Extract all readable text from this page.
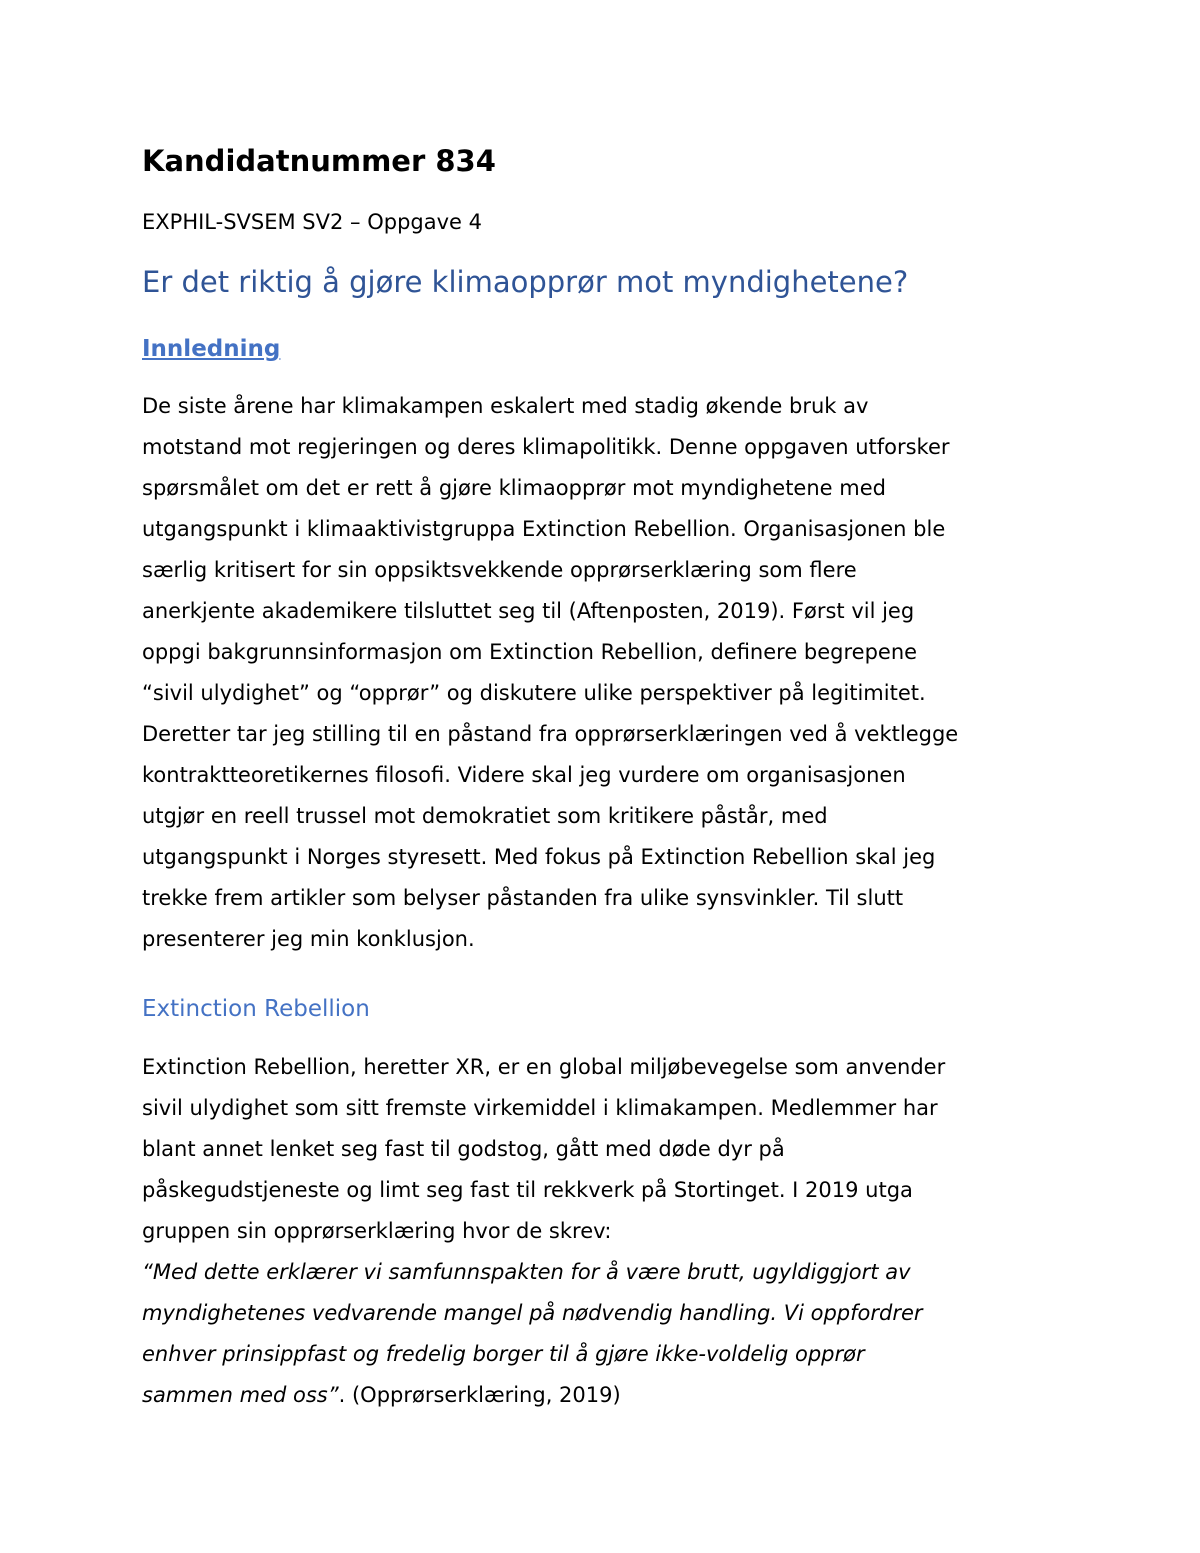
Kandidatnummer 834

EXPHIL-SVSEM SV2 – Oppgave 4

Er det riktig å gjøre klimaopprør mot myndighetene?
Innledning

De siste årene har klimakampen eskalert med stadig økende bruk av
motstand mot regjeringen og deres klimapolitikk. Denne oppgaven utforsker
spørsmålet om det er rett å gjøre klimaopprør mot myndighetene med
utgangspunkt i klimaaktivistgruppa Extinction Rebellion. Organisasjonen ble
særlig kritisert for sin oppsiktsvekkende opprørserklæring som flere
anerkjente akademikere tilsluttet seg til (Aftenposten, 2019). Først vil jeg
oppgi bakgrunnsinformasjon om Extinction Rebellion, definere begrepene
“sivil ulydighet” og “opprør” og diskutere ulike perspektiver på legitimitet.
Deretter tar jeg stilling til en påstand fra opprørserklæringen ved å vektlegge
kontraktteoretikernes filosofi. Videre skal jeg vurdere om organisasjonen
utgjør en reell trussel mot demokratiet som kritikere påstår, med
utgangspunkt i Norges styresett. Med fokus på Extinction Rebellion skal jeg
trekke frem artikler som belyser påstanden fra ulike synsvinkler. Til slutt
presenterer jeg min konklusjon.

Extinction Rebellion

Extinction Rebellion, heretter XR, er en global miljøbevegelse som anvender
sivil ulydighet som sitt fremste virkemiddel i klimakampen. Medlemmer har
blant annet lenket seg fast til godstog, gått med døde dyr på
påskegudstjeneste og limt seg fast til rekkverk på Stortinget. I 2019 utga
gruppen sin opprørserklæring hvor de skrev:
“Med dette erklærer vi samfunnspakten for å være brutt, ugyldiggjort av
myndighetenes vedvarende mangel på nødvendig handling. Vi oppfordrer
enhver prinsippfast og fredelig borger til å gjøre ikke-voldelig opprør
sammen med oss”. (Opprørserklæring, 2019)
